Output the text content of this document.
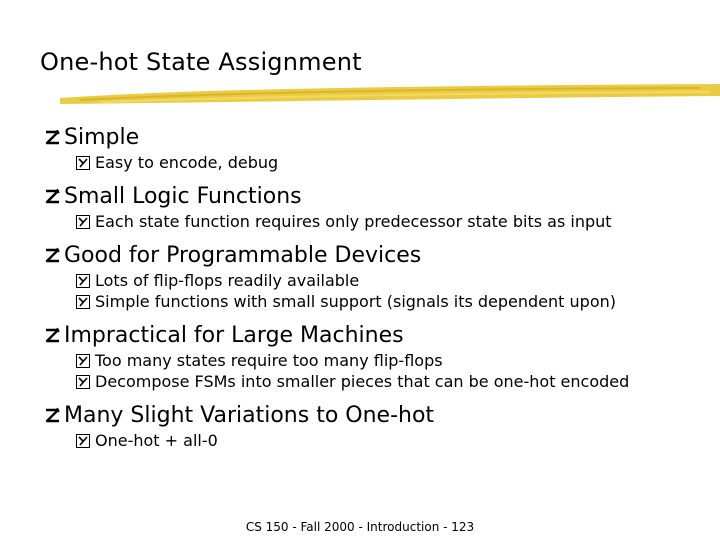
One-hot State Assignment
Simple
Easy to encode, debug
Small Logic Functions
Each state function requires only predecessor state bits as input
Good for Programmable Devices
Lots of flip-flops readily available
Simple functions with small support (signals its dependent upon)
Impractical for Large Machines
Too many states require too many flip-flops
Decompose FSMs into smaller pieces that can be one-hot encoded
Many Slight Variations to One-hot
One-hot + all-0
CS 150 - Fall 2000 - Introduction - 123
